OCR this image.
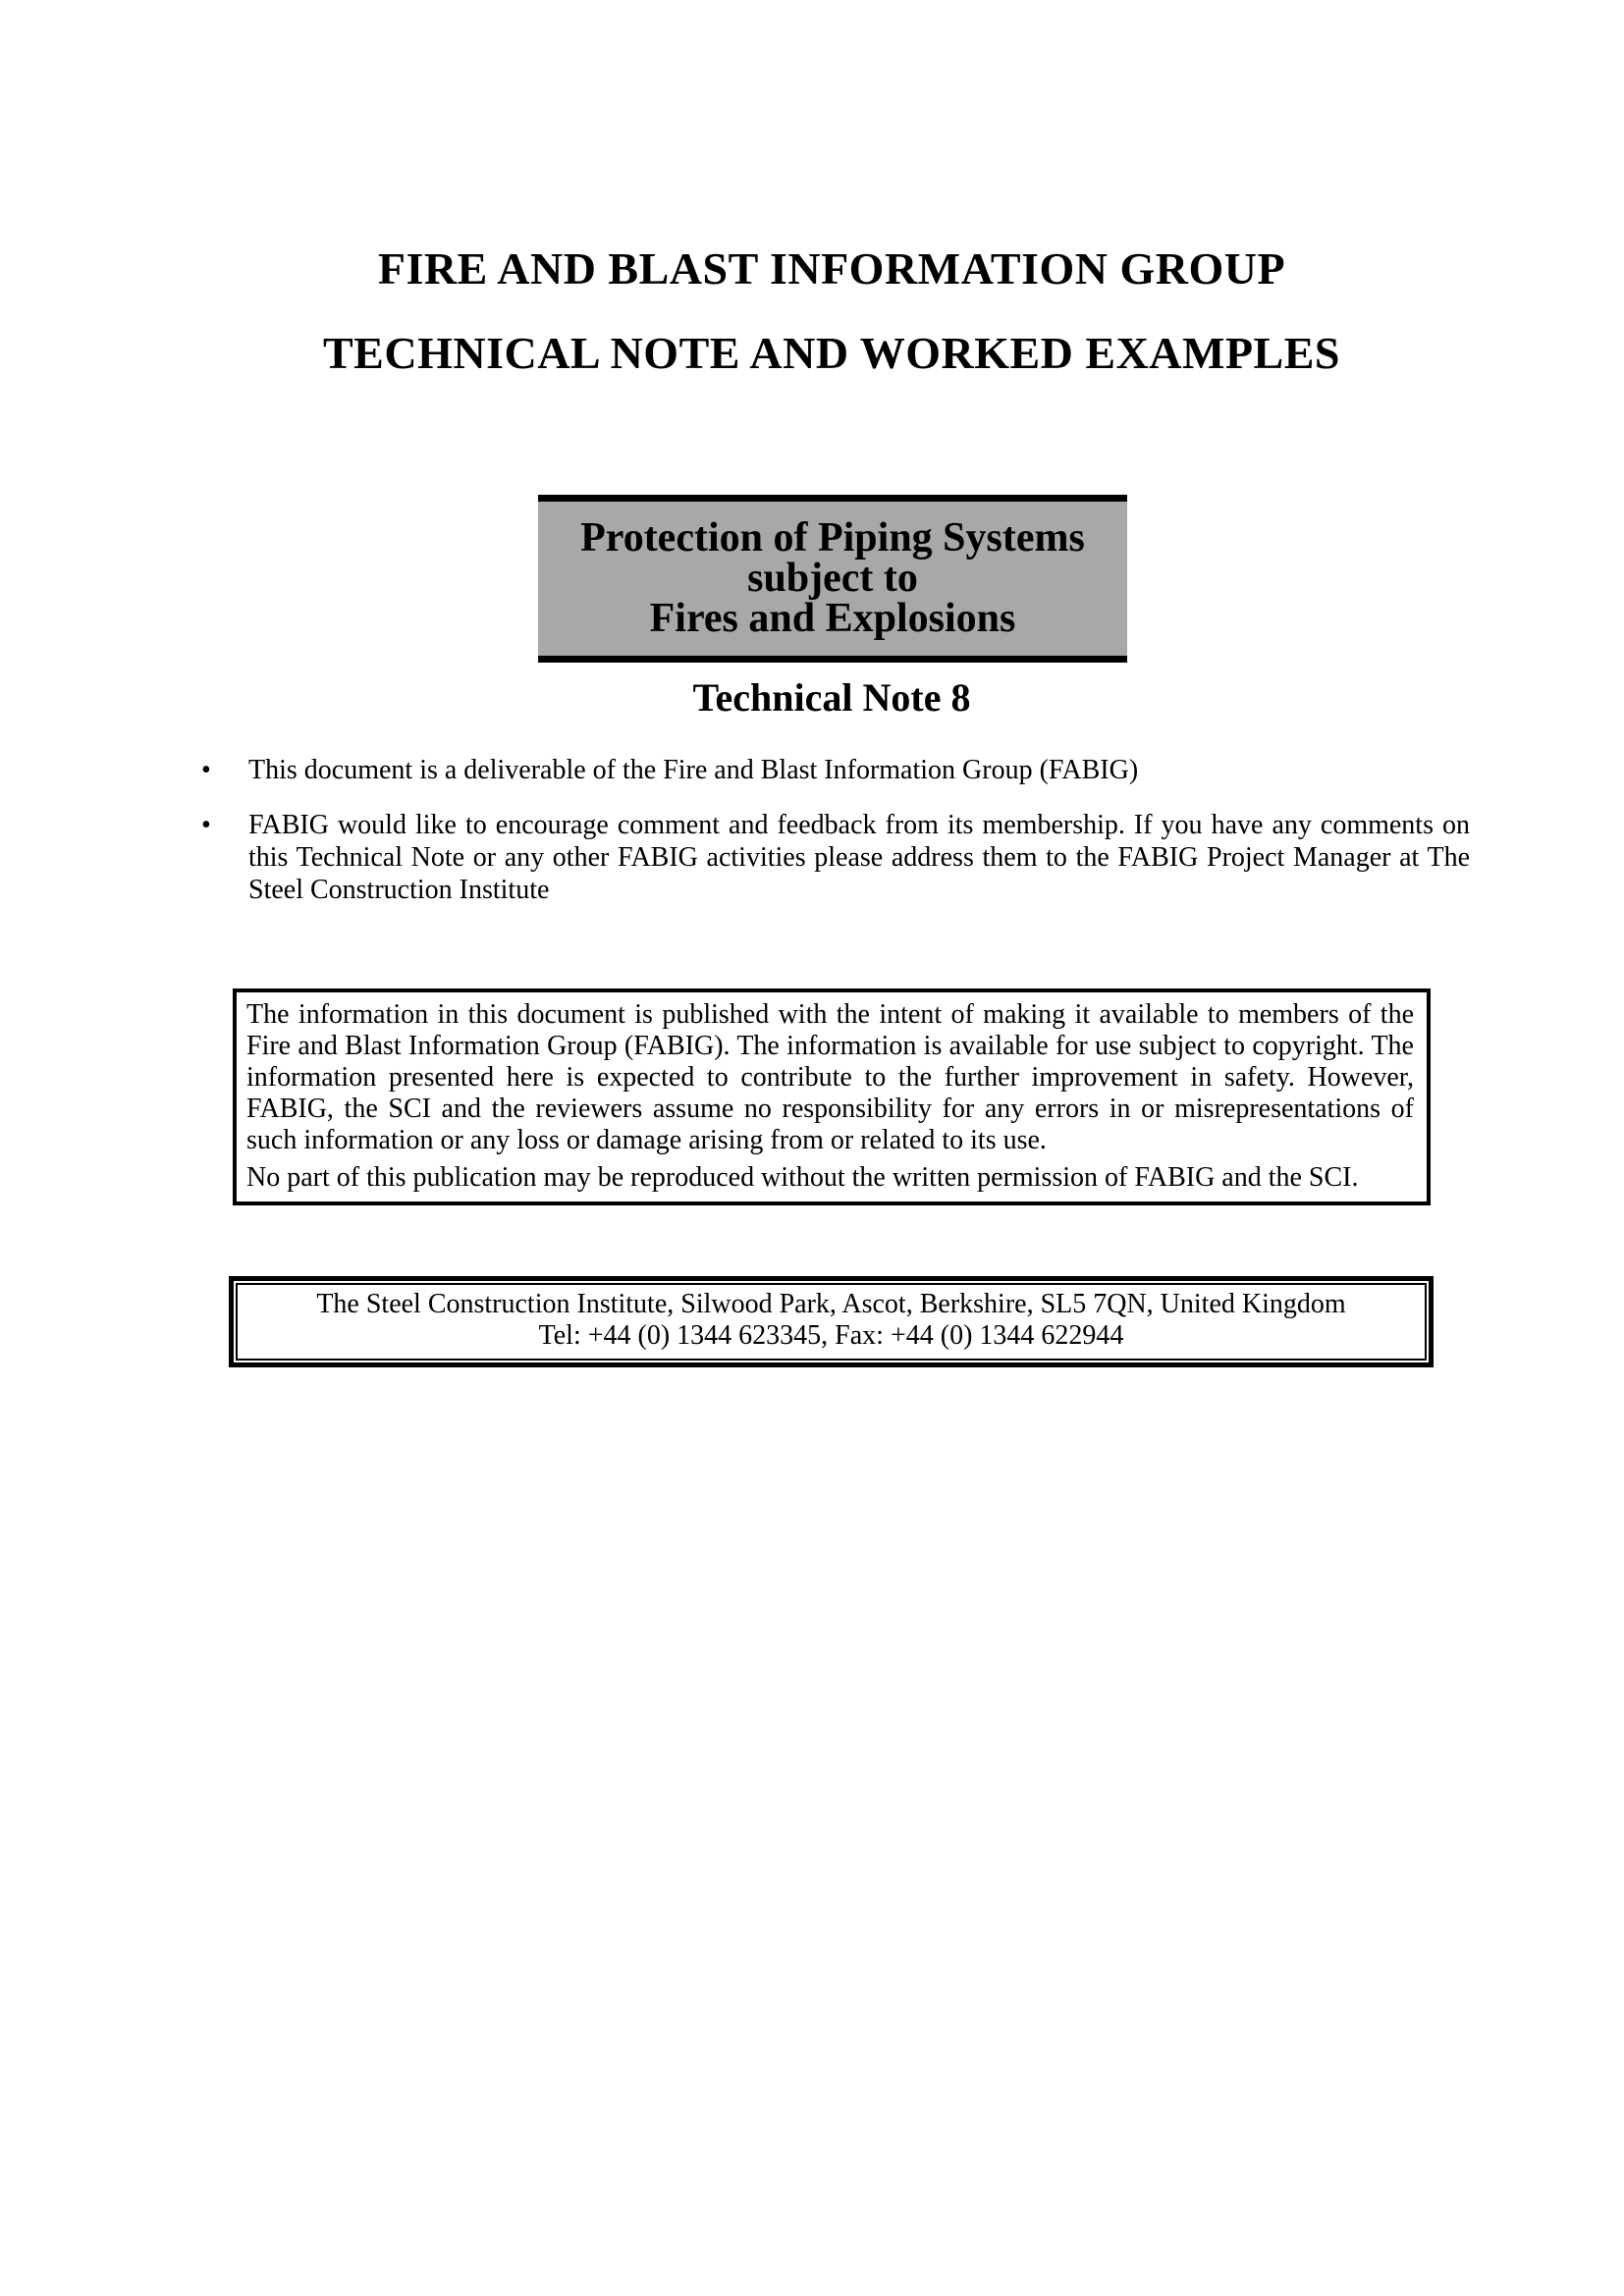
FIRE AND BLAST INFORMATION GROUP
TECHNICAL NOTE AND WORKED EXAMPLES
Protection of Piping Systems
subject to
Fires and Explosions
Technical Note 8
•	This document is a deliverable of the Fire and Blast Information Group (FABIG)
•	FABIG would like to encourage comment and feedback from its membership. If you have any comments on this Technical Note or any other FABIG activities please address them to the FABIG Project Manager at The Steel Construction Institute
The information in this document is published with the intent of making it available to members of the Fire and Blast Information Group (FABIG). The information is available for use subject to copyright. The information presented here is expected to contribute to the further improvement in safety. However, FABIG, the SCI and the reviewers assume no responsibility for any errors in or misrepresentations of such information or any loss or damage arising from or related to its use.
No part of this publication may be reproduced without the written permission of FABIG and the SCI.
The Steel Construction Institute, Silwood Park, Ascot, Berkshire, SL5 7QN, United Kingdom
Tel: +44 (0) 1344 623345, Fax: +44 (0) 1344 622944
